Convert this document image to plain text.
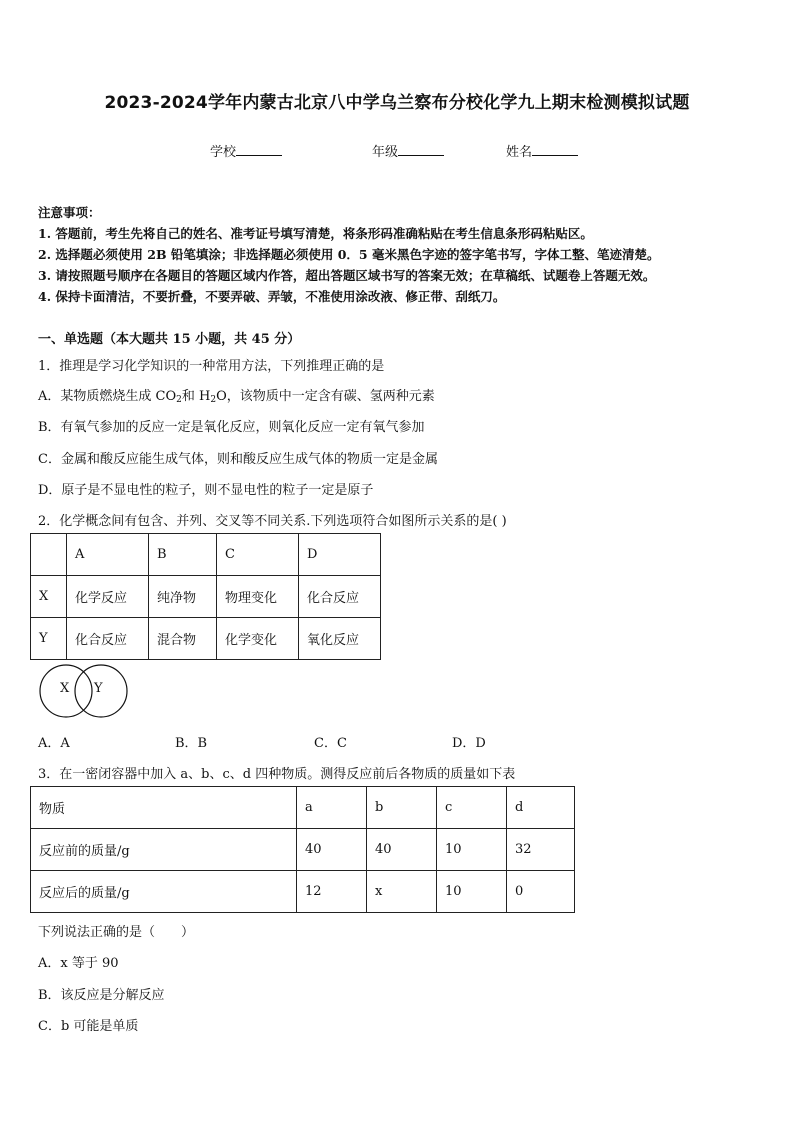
2023-2024学年内蒙古北京八中学乌兰察布分校化学九上期末检测模拟试题
学校	年级	姓名
注意事项：
1. 答题前，考生先将自己的姓名、准考证号填写清楚，将条形码准确粘贴在考生信息条形码粘贴区。
2. 选择题必须使用 2B 铅笔填涂；非选择题必须使用 0．5 毫米黑色字迹的签字笔书写，字体工整、笔迹清楚。
3. 请按照题号顺序在各题目的答题区域内作答，超出答题区域书写的答案无效；在草稿纸、试题卷上答题无效。
4. 保持卡面清洁，不要折叠，不要弄破、弄皱，不准使用涂改液、修正带、刮纸刀。
一、单选题（本大题共 15 小题，共 45 分）
1．推理是学习化学知识的一种常用方法，下列推理正确的是
A．某物质燃烧生成 $CO_2$和 $H_2O$，该物质中一定含有碳、氢两种元素
B．有氧气参加的反应一定是氧化反应，则氧化反应一定有氧气参加
C．金属和酸反应能生成气体，则和酸反应生成气体的物质一定是金属
D．原子是不显电性的粒子，则不显电性的粒子一定是原子
2．化学概念间有包含、并列、交叉等不同关系.下列选项符合如图所示关系的是( )
	A	B	C	D
X	化学反应	纯净物	物理变化	化合反应
Y	化合反应	混合物	化学变化	氧化反应
X Y
A．A	B．B	C．C	D．D
3．在一密闭容器中加入 a、b、c、d 四种物质。测得反应前后各物质的质量如下表
物质	a	b	c	d
反应前的质量/g	40	40	10	32
反应后的质量/g	12	x	10	0
下列说法正确的是（　　）
A．x 等于 90
B．该反应是分解反应
C．b 可能是单质
